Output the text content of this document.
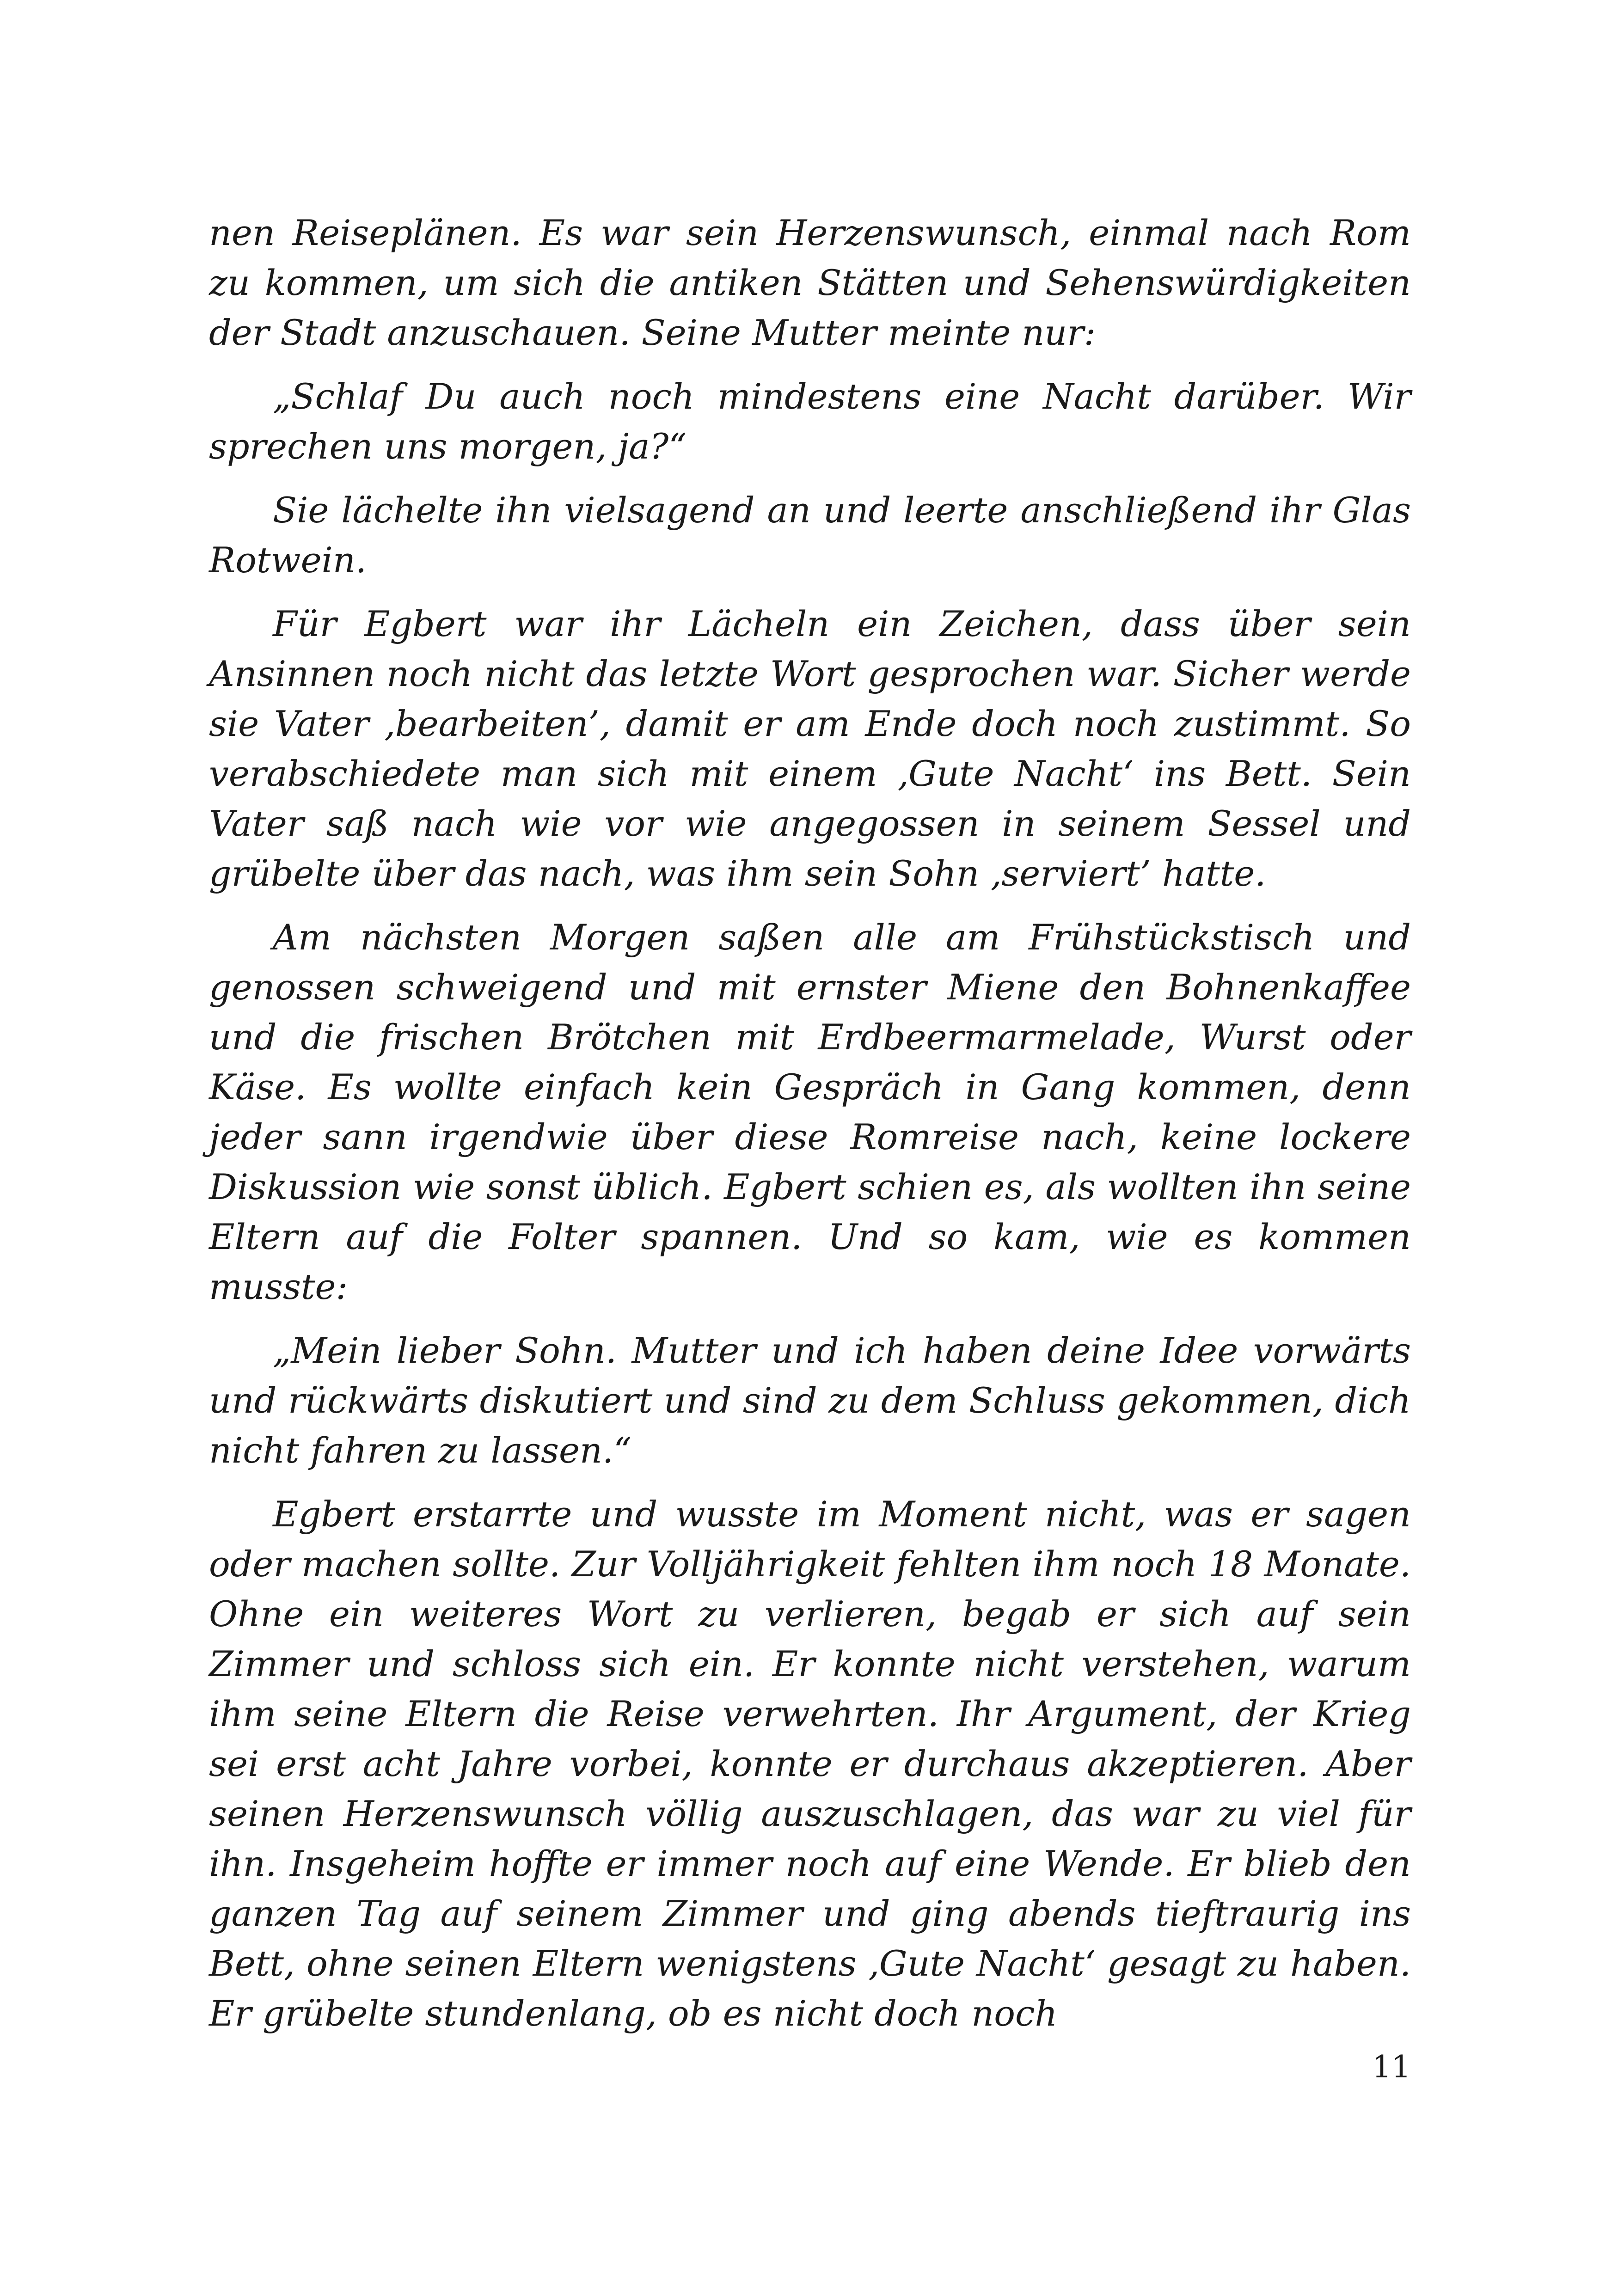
nen Reiseplänen. Es war sein Herzenswunsch, einmal nach Rom zu kommen, um sich die antiken Stätten und Sehenswürdigkeiten der Stadt anzuschauen. Seine Mutter meinte nur:

„Schlaf Du auch noch mindestens eine Nacht darüber. Wir sprechen uns morgen, ja?“

Sie lächelte ihn vielsagend an und leerte anschließend ihr Glas Rotwein.

Für Egbert war ihr Lächeln ein Zeichen, dass über sein Ansinnen noch nicht das letzte Wort gesprochen war. Sicher werde sie Vater ‚bearbeiten’, damit er am Ende doch noch zustimmt. So verabschiedete man sich mit einem ‚Gute Nacht‘ ins Bett. Sein Vater saß nach wie vor wie angegossen in seinem Sessel und grübelte über das nach, was ihm sein Sohn ‚serviert’ hatte.

Am nächsten Morgen saßen alle am Frühstückstisch und genossen schweigend und mit ernster Miene den Bohnenkaffee und die frischen Brötchen mit Erdbeermarmelade, Wurst oder Käse. Es wollte einfach kein Gespräch in Gang kommen, denn jeder sann irgendwie über diese Romreise nach, keine lockere Diskussion wie sonst üblich. Egbert schien es, als wollten ihn seine Eltern auf die Folter spannen. Und so kam, wie es kommen musste:

„Mein lieber Sohn. Mutter und ich haben deine Idee vorwärts und rückwärts diskutiert und sind zu dem Schluss gekommen, dich nicht fahren zu lassen.“

Egbert erstarrte und wusste im Moment nicht, was er sagen oder machen sollte. Zur Volljährigkeit fehlten ihm noch 18 Monate. Ohne ein weiteres Wort zu verlieren, begab er sich auf sein Zimmer und schloss sich ein. Er konnte nicht verstehen, warum ihm seine Eltern die Reise verwehrten. Ihr Argument, der Krieg sei erst acht Jahre vorbei, konnte er durchaus akzeptieren. Aber seinen Herzenswunsch völlig auszuschlagen, das war zu viel für ihn. Insgeheim hoffte er immer noch auf eine Wende. Er blieb den ganzen Tag auf seinem Zimmer und ging abends tieftraurig ins Bett, ohne seinen Eltern wenigstens ‚Gute Nacht‘ gesagt zu haben. Er grübelte stundenlang, ob es nicht doch noch

11
